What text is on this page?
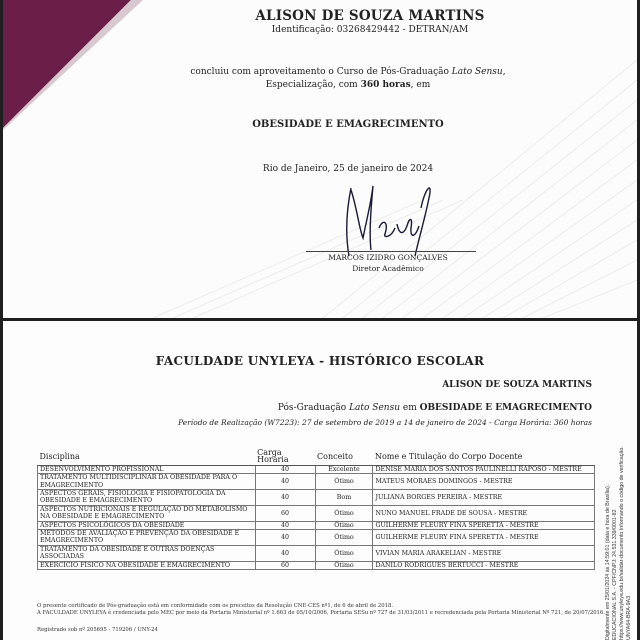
ALISON DE SOUZA MARTINS
Identificação: 03268429442 - DETRAN/AM
concluiu com aproveitamento o Curso de Pós-Graduação Lato Sensu,
Especialização, com 360 horas, em
OBESIDADE E EMAGRECIMENTO
Rio de Janeiro, 25 de janeiro de 2024
MARCOS IZIDRO GONÇALVES
Diretor Acadêmico
FACULDADE UNYLEYA - HISTÓRICO ESCOLAR
ALISON DE SOUZA MARTINS
Pós-Graduação Lato Sensu em OBESIDADE E EMAGRECIMENTO
Período de Realização (W7223): 27 de setembro de 2019 a 14 de janeiro de 2024 - Carga Horária: 360 horas
Disciplina	Carga Horária	Conceito	Nome e Titulação do Corpo Docente
DESENVOLVIMENTO PROFISSIONAL	40	Excelente	DENISE MARIA DOS SANTOS PAULINELLI RAPOSO - MESTRE
TRATAMENTO MULTIDISCIPLINAR DA OBESIDADE PARA O EMAGRECIMENTO	40	Ótimo	MATEUS MORAES DOMINGOS - MESTRE
ASPECTOS GERAIS, FISIOLOGIA E FISIOPATOLOGIA DA OBESIDADE E EMAGRECIMENTO	40	Bom	JULIANA BORGES PEREIRA - MESTRE
ASPECTOS NUTRICIONAIS E REGULAÇÃO DO METABOLISMO NA OBESIDADE E EMAGRECIMENTO	60	Ótimo	NUNO MANUEL FRADE DE SOUSA - MESTRE
ASPECTOS PSICOLÓGICOS DA OBESIDADE	40	Ótimo	GUILHERME FLEURY FINA SPERETTA - MESTRE
MÉTODOS DE AVALIAÇÃO E PREVENÇÃO DA OBESIDADE E EMAGRECIMENTO	40	Ótimo	GUILHERME FLEURY FINA SPERETTA - MESTRE
TRATAMENTO DA OBESIDADE E OUTRAS DOENÇAS ASSOCIADAS	40	Ótimo	VIVIAN MARIA ARAKELIAN - MESTRE
EXERCÍCIO FÍSICO NA OBESIDADE E EMAGRECIMENTO	60	Ótimo	DANILO RODRIGUES BERTUCCI - MESTRE
O presente certificado de Pós-graduação está em conformidade com os preceitos da Resolução CNE-CES nº1, de 6 de abril de 2018.
A FACULDADE UNYLEYA é credenciada pelo MEC por meio da Portaria Ministerial nº 1.663 de 05/10/2006, Portaria SESu nº 727 de 31/03/2011 e recredenciada pela Portaria Ministerial Nº 721, de 20/07/2016.
Registrado sob nº 205695 - 719206 / UNY-24	Digitalmente em 25/01/2024 às 14:59:01 (data e hora de Brasília). EDUCACIONAL S.A. - CPF/CNPJ: 24.531.339/0001-82 https://www.unyleya.edu.br/validar-documento Informando o código de verificação. UNYA64-BRA-9A3
